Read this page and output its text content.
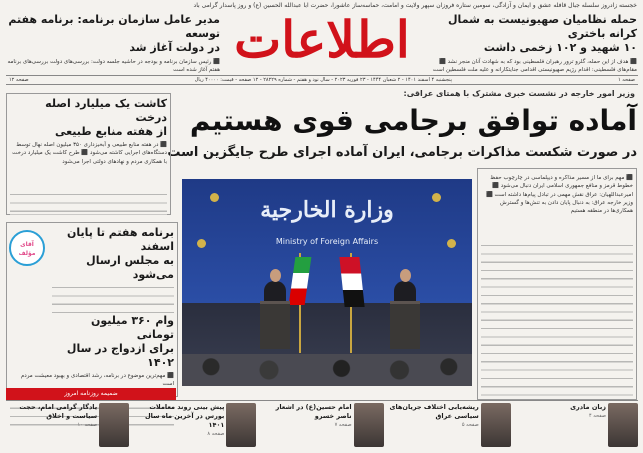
خجسته زادروز سلسله جبال قافله عشق و ایمان و آزادگی، سومین ستاره فروزان سپهر ولایت و امامت، حماسه‌ساز عاشورا، حضرت ابا عبدالله الحسین (ع) و روز پاسدار گرامی باد
اطلاعات	حمله نظامیان صهیونیست به شمال کرانه باختری
۱۰ شهید و ۱۰۲ زخمی داشت
⬛ هدف از این حمله، گلرو ترور رهبران فلسطینی بود که به شهادت آنان منجر نشد ⬛ مقام‌های فلسطینی: اقدام رژیم صهیونیستی اقدامی جنایتکارانه و علیه ملت فلسطین است
مدیر عامل سازمان برنامه: برنامه هفتم توسعه
در دولت آغاز شد
⬛ رئیس سازمان برنامه و بودجه در حاشیه جلسه دولت: بررسی‌های دولت بررسی‌های برنامه هفتم آغاز شده است
صفحه ۱
پنجشنبه ۴ اسفند ۱۴۰۱ - ۲ شعبان ۱۴۴۴ - ۲۳ فوریه ۲۰۲۳ - سال نود و هفتم - شماره ۲۸۲۲۹ - ۱۲ صفحه - قیمت: ۴۰۰۰۰ ریال
صفحه ۱۲
وزیر امور خارجه در نشست خبری مشترک با همتای عراقی:
آماده توافق برجامی قوی هستیم
در صورت شکست مذاکرات برجامی، ایران آماده اجرای طرح جایگزین است
وزارة الخارجية
Ministry of Foreign Affairs
⬛ مهم برای ما از مسیر مذاکره و دیپلماسی در چارچوب حفظ خطوط قرمز و منافع جمهوری اسلامی ایران دنبال می‌شود ⬛ امیرعبداللهیان: عراق نقش مهمی در تبادل پیام‌ها داشته است ⬛ وزیر خارجه عراق: به دنبال پایان دادن به تنش‌ها و گسترش همکاری‌ها در منطقه هستیم
کاشت یک میلیارد اصله درخت
از هفته منابع طبیعی
⬛ در هفته منابع طبیعی و آبخیزداری ۳۵۰ میلیون اصله نهال توسط دستگاه‌های اجرایی کاشته می‌شود ⬛ طرح کاشت یک میلیارد درخت با همکاری مردم و نهادهای دولتی اجرا می‌شود
برنامه هفتم تا پایان اسفند
به مجلس ارسال می‌شود
وام ۳۶۰ میلیون تومانی
برای ازدواج در سال ۱۴۰۲
⬛ مهم‌ترین موضوع در برنامه، رشد اقتصادی و بهبود معیشت مردم است
آقای مؤلف
ضمیمه روزنامه امروز
زبان مادری
صفحه ۴
ریشه‌یابی اختلاف جریان‌های سیاسی عراق
صفحه ۵
امام حسین(ع) در اشعار ناصر خسرو
صفحه ۷
پیش بینی روند معاملات بورس در آخرین ماه سال ۱۴۰۱
صفحه ۸
یادگار گرامی امام، حجت سیاست و اخلاق
صفحه ۱۰
